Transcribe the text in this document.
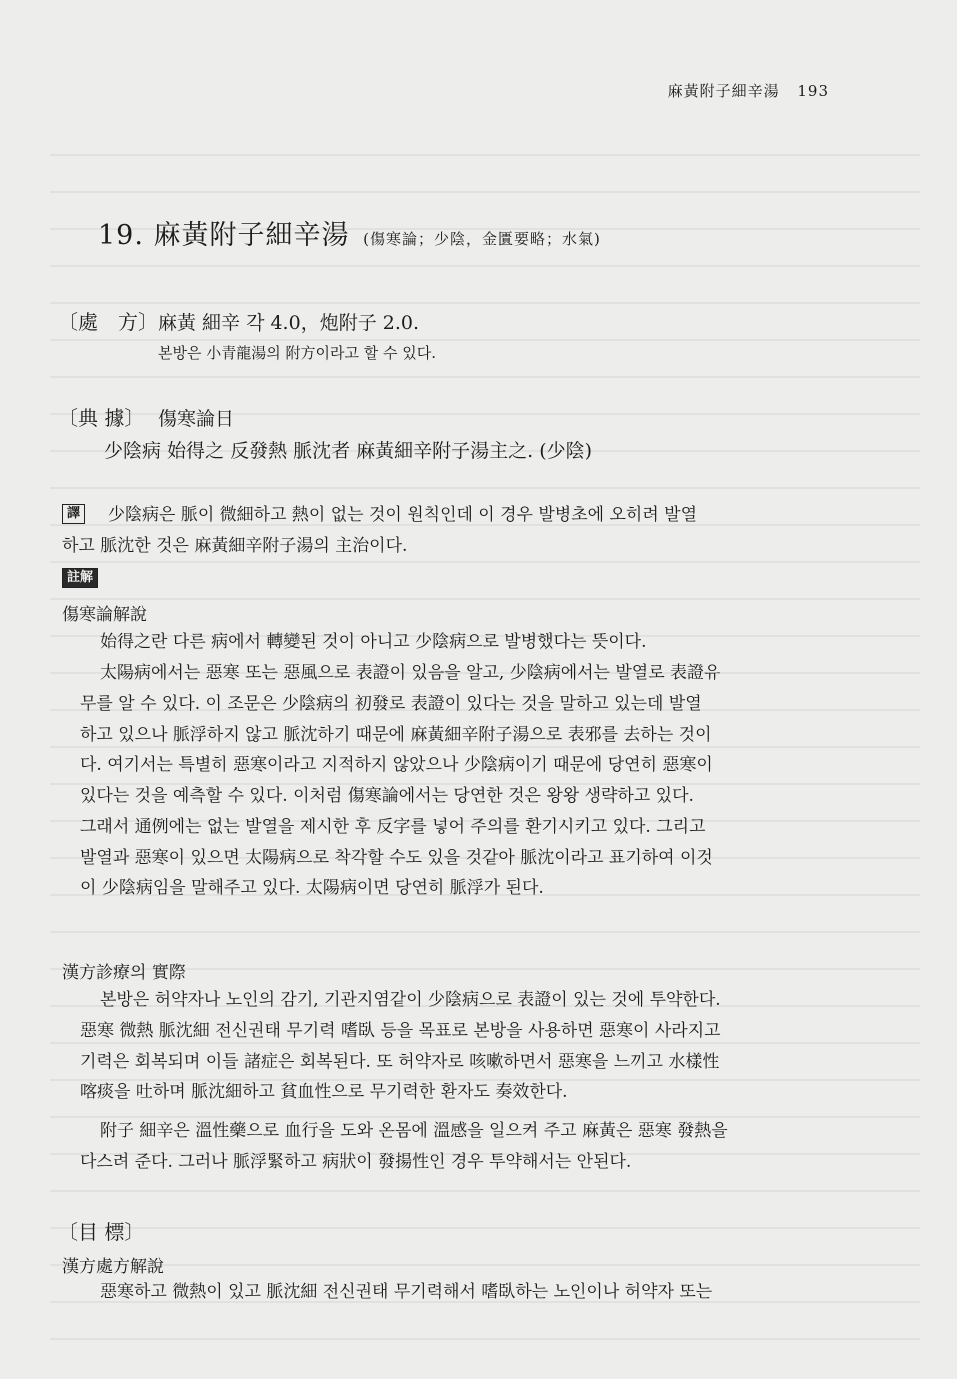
麻黃附子細辛湯 193
19. 麻黃附子細辛湯 (傷寒論；少陰，金匱要略；水氣)
〔處　方〕 麻黃 細辛 각 4.0，炮附子 2.0.
본방은 小青龍湯의 附方이라고 할 수 있다.
〔典 據〕 傷寒論日
少陰病 始得之 反發熱 脈沈者 麻黃細辛附子湯主之. (少陰)
譯 少陰病은 脈이 微細하고 熱이 없는 것이 원칙인데 이 경우 발병초에 오히려 발열

하고 脈沈한 것은 麻黃細辛附子湯의 主治이다.

註解
傷寒論解說

始得之란 다른 病에서 轉變된 것이 아니고 少陰病으로 발병했다는 뜻이다.

太陽病에서는 惡寒 또는 惡風으로 表證이 있음을 알고, 少陰病에서는 발열로 表證유

무를 알 수 있다. 이 조문은 少陰病의 初發로 表證이 있다는 것을 말하고 있는데 발열

하고 있으나 脈浮하지 않고 脈沈하기 때문에 麻黃細辛附子湯으로 表邪를 去하는 것이

다. 여기서는 특별히 惡寒이라고 지적하지 않았으나 少陰病이기 때문에 당연히 惡寒이

있다는 것을 예측할 수 있다. 이처럼 傷寒論에서는 당연한 것은 왕왕 생략하고 있다.

그래서 通例에는 없는 발열을 제시한 후 反字를 넣어 주의를 환기시키고 있다. 그리고

발열과 惡寒이 있으면 太陽病으로 착각할 수도 있을 것같아 脈沈이라고 표기하여 이것

이 少陰病임을 말해주고 있다. 太陽病이면 당연히 脈浮가 된다.

漢方診療의 實際

본방은 허약자나 노인의 감기, 기관지염같이 少陰病으로 表證이 있는 것에 투약한다.

惡寒 微熱 脈沈細 전신권태 무기력 嗜臥 등을 목표로 본방을 사용하면 惡寒이 사라지고

기력은 회복되며 이들 諸症은 회복된다. 또 허약자로 咳嗽하면서 惡寒을 느끼고 水樣性

喀痰을 吐하며 脈沈細하고 貧血性으로 무기력한 환자도 奏效한다.

附子 細辛은 溫性藥으로 血行을 도와 온몸에 溫感을 일으켜 주고 麻黃은 惡寒 發熱을

다스려 준다. 그러나 脈浮緊하고 病狀이 發揚性인 경우 투약해서는 안된다.

〔目 標〕
漢方處方解說

惡寒하고 微熱이 있고 脈沈細 전신권태 무기력해서 嗜臥하는 노인이나 허약자 또는
